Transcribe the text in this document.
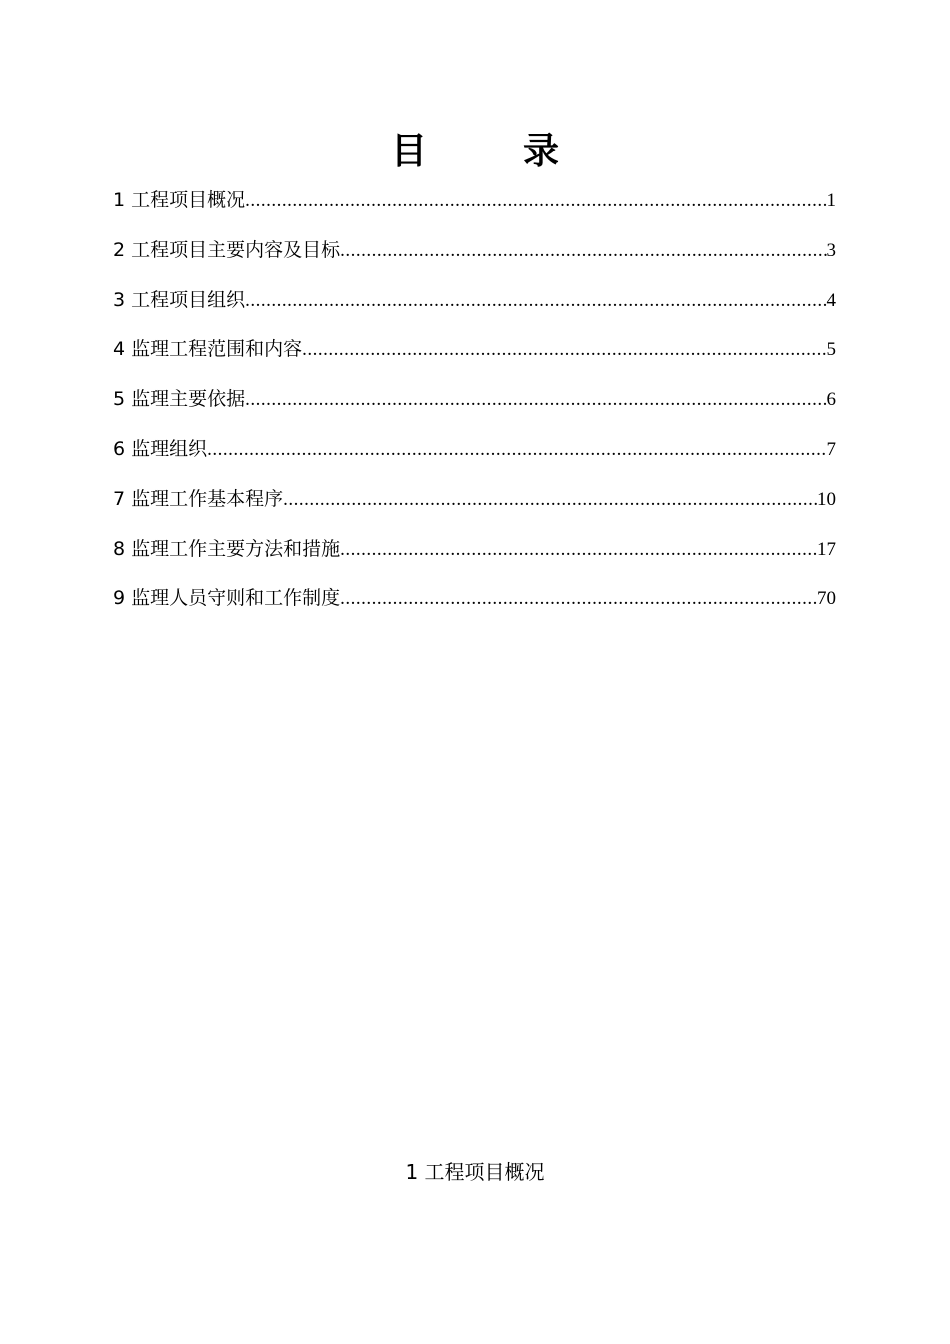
目	录
1 工程项目概况 .....	1
2 工程项目主要内容及目标 .....	3
3 工程项目组织 .....	4
4 监理工程范围和内容 .....	5
5 监理主要依据 .....	6
6 监理组织 .....	7
7 监理工作基本程序 .....	10
8 监理工作主要方法和措施 .....	17
9 监理人员守则和工作制度 .....	70
1 工程项目概况
